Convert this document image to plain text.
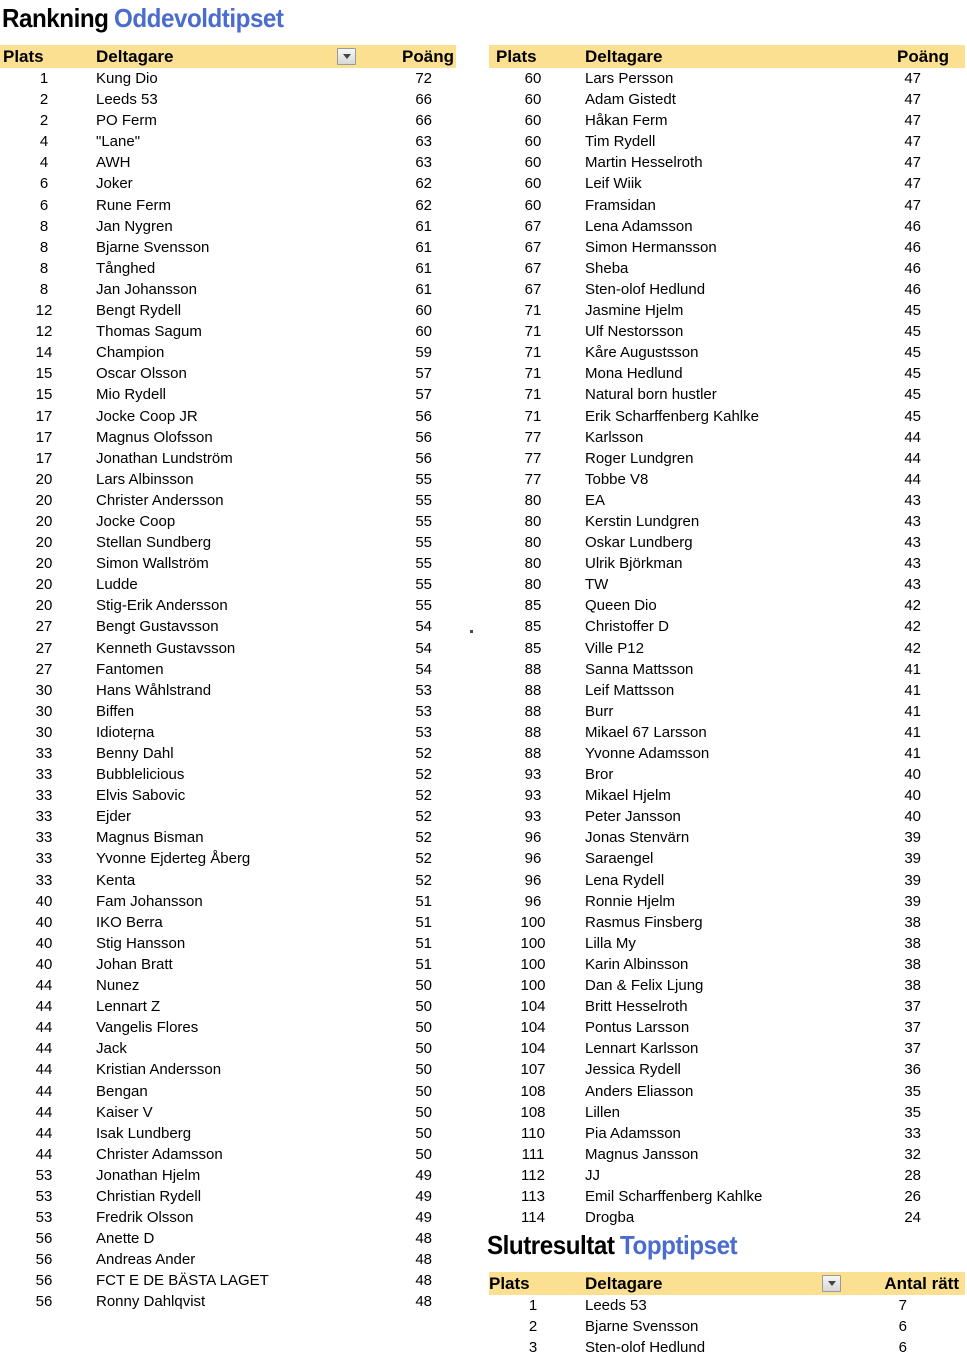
Rankning Oddevoldtipset
Plats	Deltagare	Poäng
1	Kung Dio	72
2	Leeds 53	66
2	PO Ferm	66
4	"Lane"	63
4	AWH	63
6	Joker	62
6	Rune Ferm	62
8	Jan Nygren	61
8	Bjarne Svensson	61
8	Tånghed	61
8	Jan Johansson	61
12	Bengt Rydell	60
12	Thomas Sagum	60
14	Champion	59
15	Oscar Olsson	57
15	Mio Rydell	57
17	Jocke Coop JR	56
17	Magnus Olofsson	56
17	Jonathan Lundström	56
20	Lars Albinsson	55
20	Christer Andersson	55
20	Jocke Coop	55
20	Stellan Sundberg	55
20	Simon Wallström	55
20	Ludde	55
20	Stig-Erik Andersson	55
27	Bengt Gustavsson	54
27	Kenneth Gustavsson	54
27	Fantomen	54
30	Hans Wåhlstrand	53
30	Biffen	53
30	Idioteŗna	53
33	Benny Dahl	52
33	Bubblelicious	52
33	Elvis Sabovic	52
33	Ejder	52
33	Magnus Bisman	52
33	Yvonne Ejderteg Åberg	52
33	Kenta	52
40	Fam Johansson	51
40	IKO Berra	51
40	Stig Hansson	51
40	Johan Bratt	51
44	Nunez	50
44	Lennart Z	50
44	Vangelis Flores	50
44	Jack	50
44	Kristian Andersson	50
44	Bengan	50
44	Kaiser V	50
44	Isak Lundberg	50
44	Christer Adamsson	50
53	Jonathan Hjelm	49
53	Christian Rydell	49
53	Fredrik Olsson	49
56	Anette D	48
56	Andreas Ander	48
56	FCT E DE BÄSTA LAGET	48
56	Ronny Dahlqvist	48
Plats	Deltagare	Poäng
60	Lars Persson	47
60	Adam Gistedt	47
60	Håkan Ferm	47
60	Tim Rydell	47
60	Martin Hesselroth	47
60	Leif Wiik	47
60	Framsidan	47
67	Lena Adamsson	46
67	Simon Hermansson	46
67	Sheba	46
67	Sten-olof Hedlund	46
71	Jasmine Hjelm	45
71	Ulf Nestorsson	45
71	Kåre Augustsson	45
71	Mona Hedlund	45
71	Natural born hustler	45
71	Erik Scharffenberg Kahlke	45
77	Karlsson	44
77	Roger Lundgren	44
77	Tobbe V8	44
80	EA	43
80	Kerstin Lundgren	43
80	Oskar Lundberg	43
80	Ulrik Björkman	43
80	TW	43
85	Queen Dio	42
85	Christoffer D	42
85	Ville P12	42
88	Sanna Mattsson	41
88	Leif Mattsson	41
88	Burr	41
88	Mikael 67 Larsson	41
88	Yvonne Adamsson	41
93	Bror	40
93	Mikael Hjelm	40
93	Peter Jansson	40
96	Jonas Stenvärn	39
96	Saraengel	39
96	Lena Rydell	39
96	Ronnie Hjelm	39
100	Rasmus Finsberg	38
100	Lilla My	38
100	Karin Albinsson	38
100	Dan & Felix Ljung	38
104	Britt Hesselroth	37
104	Pontus Larsson	37
104	Lennart Karlsson	37
107	Jessica Rydell	36
108	Anders Eliasson	35
108	Lillen	35
110	Pia Adamsson	33
111	Magnus Jansson	32
112	JJ	28
113	Emil Scharffenberg Kahlke	26
114	Drogba	24
Slutresultat Topptipset
Plats	Deltagare	Antal rätt
1	Leeds 53	7
2	Bjarne Svensson	6
3	Sten-olof Hedlund	6
